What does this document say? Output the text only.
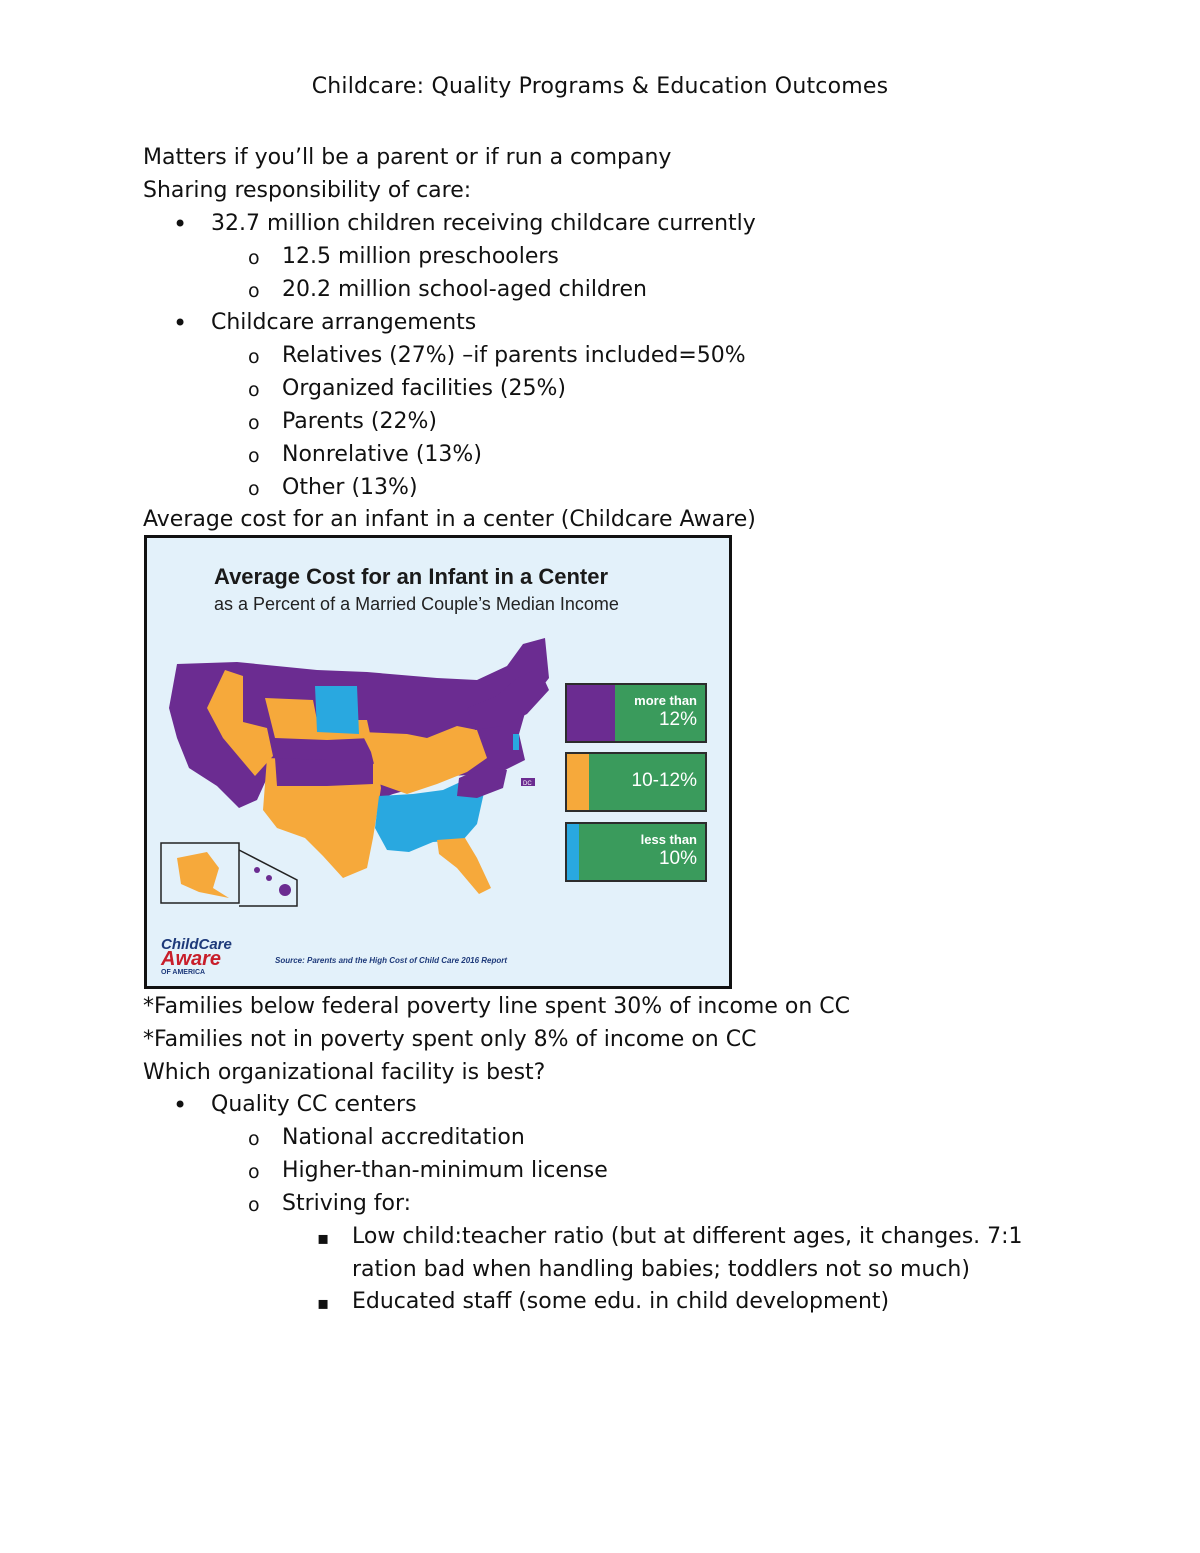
Childcare: Quality Programs & Education Outcomes
Matters if you’ll be a parent or if run a company
Sharing responsibility of care:
•
32.7 million children receiving childcare currently
o
12.5 million preschoolers
o
20.2 million school-aged children
•
Childcare arrangements
o
Relatives (27%) –if parents included=50%
o
Organized facilities (25%)
o
Parents (22%)
o
Nonrelative (13%)
o
Other (13%)
Average cost for an infant in a center (Childcare Aware)
Average Cost for an Infant in a Center
as a Percent of a Married Couple’s Median Income
DC
more than
12%
10-12%
less than
10%
ChildCare
Aware
OF AMERICA
Source: Parents and the High Cost of Child Care 2016 Report
*Families below federal poverty line spent 30% of income on CC
*Families not in poverty spent only 8% of income on CC
Which organizational facility is best?
•
Quality CC centers
o
National accreditation
o
Higher-than-minimum license
o
Striving for:
▪
Low child:teacher ratio (but at different ages, it changes. 7:1
ration bad when handling babies; toddlers not so much)
▪
Educated staff (some edu. in child development)
